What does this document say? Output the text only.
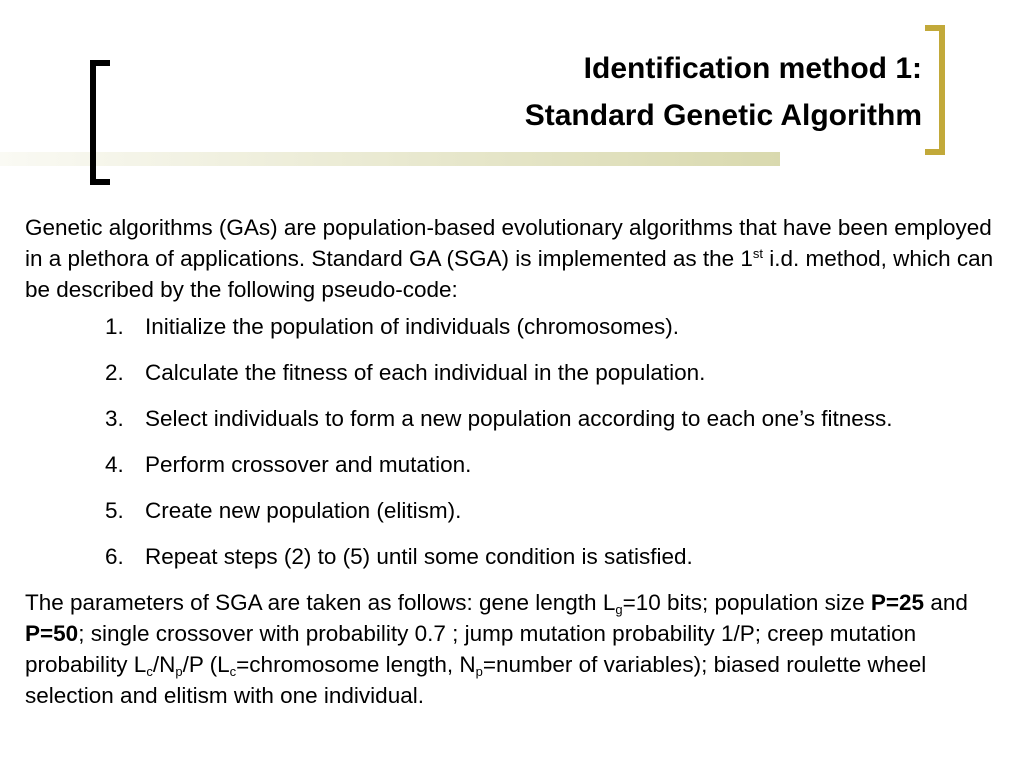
Identification method 1:
Standard Genetic Algorithm

Genetic algorithms (GAs) are population-based evolutionary algorithms that have been employed in a plethora of applications. Standard GA (SGA) is implemented as the 1st i.d. method, which can be described by the following pseudo-code:

1. Initialize the population of individuals (chromosomes).
2. Calculate the fitness of each individual in the population.
3. Select individuals to form a new population according to each one’s fitness.
4. Perform crossover and mutation.
5. Create new population (elitism).
6. Repeat steps (2) to (5) until some condition is satisfied.

The parameters of SGA are taken as follows: gene length $L_g=10$ bits; population size P=25 and P=50; single crossover with probability 0.7 ; jump mutation probability 1/P; creep mutation probability $L_c/N_p/P$ ($L_c=chromosome$ length, $N_p=number$ of variables); biased roulette wheel selection and elitism with one individual.
